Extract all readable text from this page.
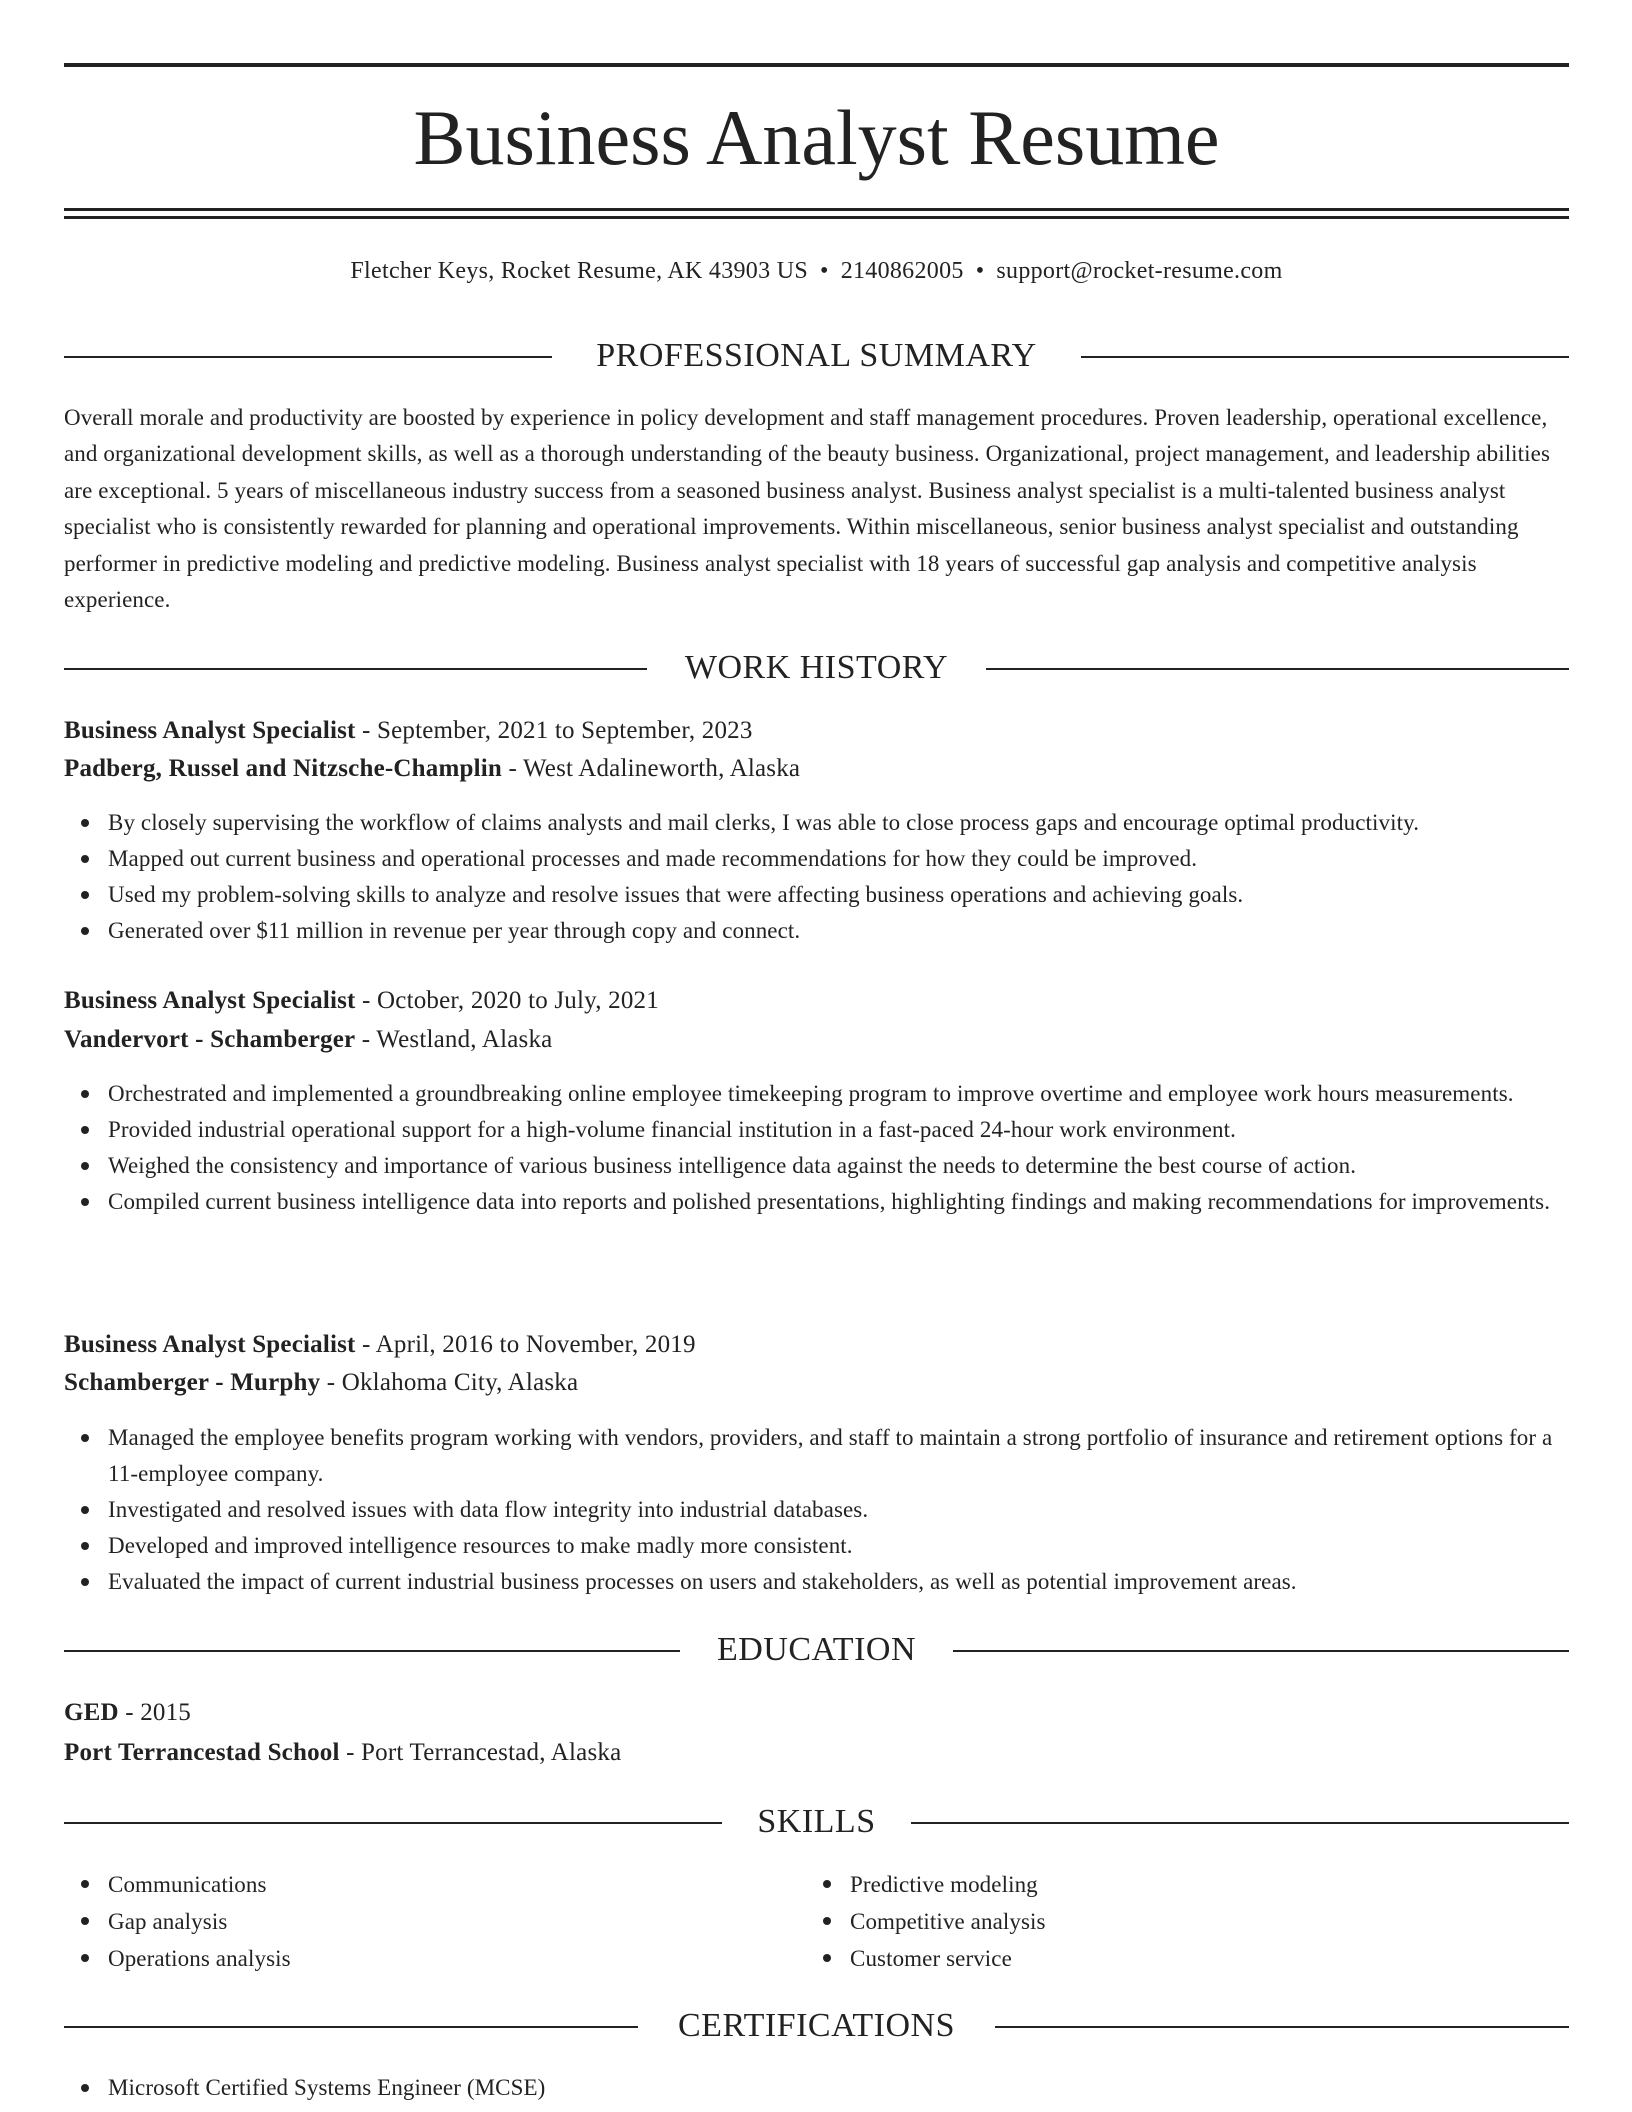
Business Analyst Resume
Fletcher Keys, Rocket Resume, AK 43903 US • 2140862005 • support@rocket-resume.com
PROFESSIONAL SUMMARY
Overall morale and productivity are boosted by experience in policy development and staff management procedures. Proven leadership, operational excellence, and organizational development skills, as well as a thorough understanding of the beauty business. Organizational, project management, and leadership abilities are exceptional. 5 years of miscellaneous industry success from a seasoned business analyst. Business analyst specialist is a multi-talented business analyst specialist who is consistently rewarded for planning and operational improvements. Within miscellaneous, senior business analyst specialist and outstanding performer in predictive modeling and predictive modeling. Business analyst specialist with 18 years of successful gap analysis and competitive analysis experience.
WORK HISTORY
Business Analyst Specialist - September, 2021 to September, 2023
Padberg, Russel and Nitzsche-Champlin - West Adalineworth, Alaska
By closely supervising the workflow of claims analysts and mail clerks, I was able to close process gaps and encourage optimal productivity.
Mapped out current business and operational processes and made recommendations for how they could be improved.
Used my problem-solving skills to analyze and resolve issues that were affecting business operations and achieving goals.
Generated over $11 million in revenue per year through copy and connect.
Business Analyst Specialist - October, 2020 to July, 2021
Vandervort - Schamberger - Westland, Alaska
Orchestrated and implemented a groundbreaking online employee timekeeping program to improve overtime and employee work hours measurements.
Provided industrial operational support for a high-volume financial institution in a fast-paced 24-hour work environment.
Weighed the consistency and importance of various business intelligence data against the needs to determine the best course of action.
Compiled current business intelligence data into reports and polished presentations, highlighting findings and making recommendations for improvements.
Business Analyst Specialist - April, 2016 to November, 2019
Schamberger - Murphy - Oklahoma City, Alaska
Managed the employee benefits program working with vendors, providers, and staff to maintain a strong portfolio of insurance and retirement options for a 11-employee company.
Investigated and resolved issues with data flow integrity into industrial databases.
Developed and improved intelligence resources to make madly more consistent.
Evaluated the impact of current industrial business processes on users and stakeholders, as well as potential improvement areas.
EDUCATION
GED - 2015
Port Terrancestad School - Port Terrancestad, Alaska
SKILLS
Communications
Gap analysis
Operations analysis
Predictive modeling
Competitive analysis
Customer service
CERTIFICATIONS
Microsoft Certified Systems Engineer (MCSE)
